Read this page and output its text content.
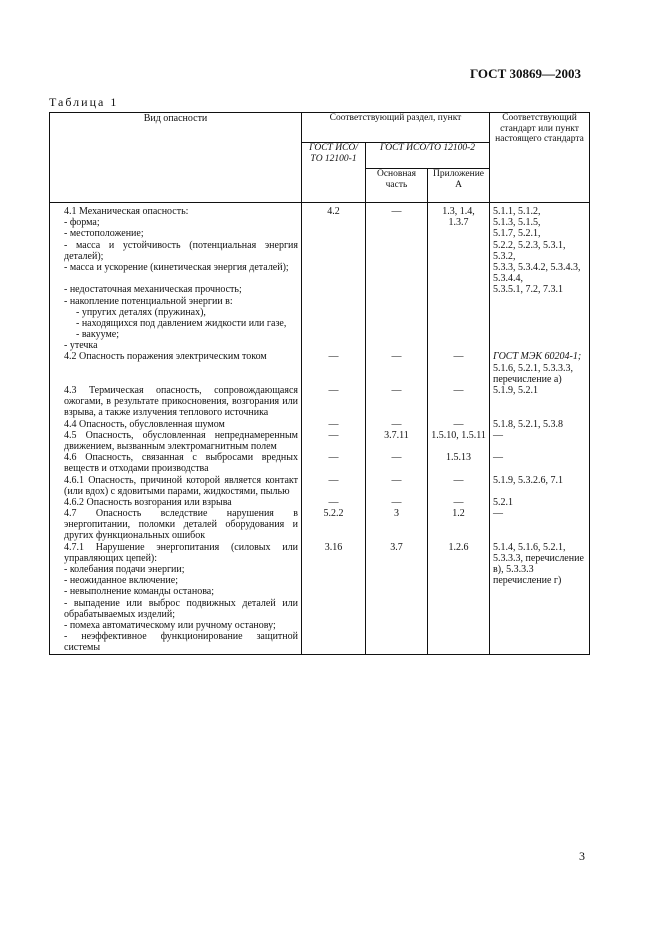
ГОСТ 30869—2003
Таблица 1
Вид опасности	Соответствующий раздел, пункт			Соответствующий стандарт или пункт настоящего стандарта
	ГОСТ ИСО/ТО 12100-1	ГОСТ ИСО/ТО 12100-2		
		Основная часть	Приложение А	
4.1 Механическая опасность:	4.2	—	1.3, 1.4,	5.1.1, 5.1.2,
- форма;			1.3.7	5.1.3, 5.1.5,
- местоположение;				5.1.7, 5.2.1,
- масса и устойчивость (потенциальная энергия деталей);				5.2.2, 5.2.3, 5.3.1, 5.3.2,
- масса и ускорение (кинетическая энергия деталей);				5.3.3, 5.3.4.2, 5.3.4.3, 5.3.4.4,
- недостаточная механическая прочность;				5.3.5.1, 7.2, 7.3.1
- накопление потенциальной энергии в:				
- упругих деталях (пружинах),				
- находящихся под давлением жидкости или газе,				
- вакууме;				
- утечка				
4.2 Опасность поражения электрическим током	—	—	—	ГОСТ МЭК 60204-1; 5.1.6, 5.2.1, 5.3.3.3, перечисление а)
4.3 Термическая опасность, сопровождающаяся ожогами, в результате прикосновения, возгорания или взрыва, а также излучения теплового источника	—	—	—	5.1.9, 5.2.1
4.4 Опасность, обусловленная шумом	—	—	—	5.1.8, 5.2.1, 5.3.8
4.5 Опасность, обусловленная непреднамеренным движением, вызванным электромагнитным полем	—	3.7.11	1.5.10, 1.5.11	—
4.6 Опасность, связанная с выбросами вредных веществ и отходами производства	—	—	1.5.13	—
4.6.1 Опасность, причиной которой является контакт (или вдох) с ядовитыми парами, жидкостями, пылью	—	—	—	5.1.9, 5.3.2.6, 7.1
4.6.2 Опасность возгорания или взрыва	—	—	—	5.2.1
4.7 Опасность вследствие нарушения в энергопитании, поломки деталей оборудования и других функциональных ошибок	5.2.2	3	1.2	—
4.7.1 Нарушение энергопитания (силовых или управляющих цепей):	3.16	3.7	1.2.6	5.1.4, 5.1.6, 5.2.1, 5.3.3.3, перечисление в), 5.3.3.3 перечисление г)
- колебания подачи энергии;				
- неожиданное включение;				
- невыполнение команды останова;				
- выпадение или выброс подвижных деталей или обрабатываемых изделий;				
- помеха автоматическому или ручному останову;				
- неэффективное функционирование защитной системы				
3
